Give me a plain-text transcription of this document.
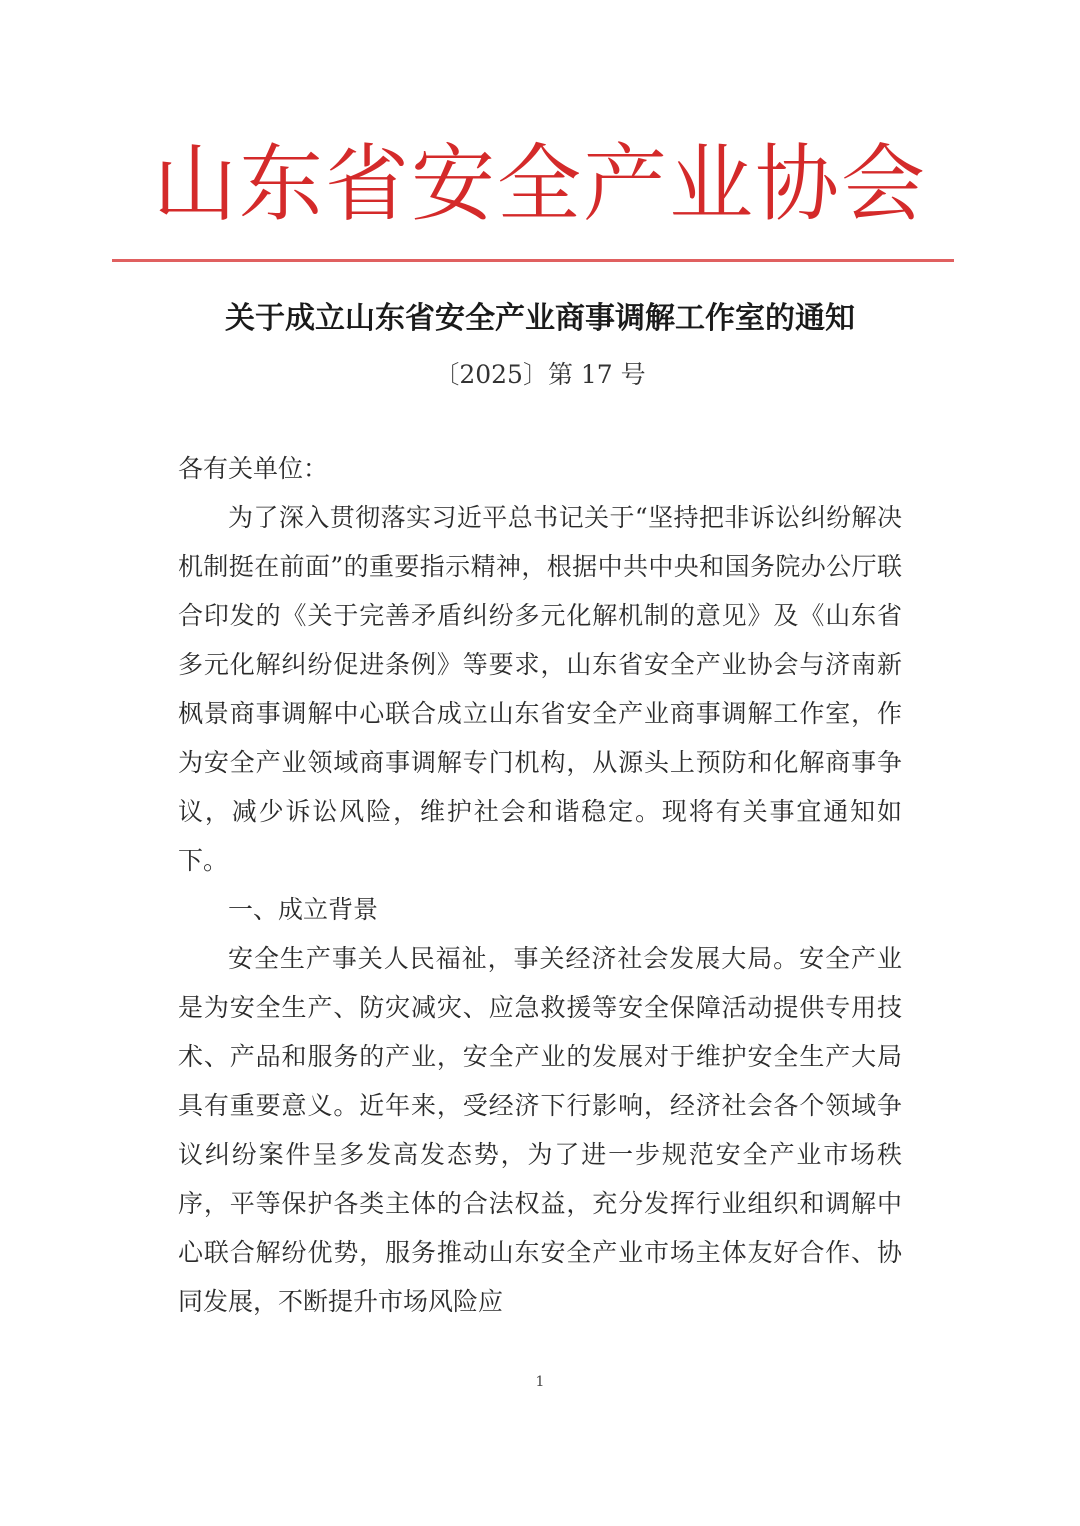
山东省安全产业协会
关于成立山东省安全产业商事调解工作室的通知
〔2025〕第 17 号

各有关单位：

为了深入贯彻落实习近平总书记关于“坚持把非诉讼纠纷解决机制挺在前面”的重要指示精神，根据中共中央和国务院办公厅联合印发的《关于完善矛盾纠纷多元化解机制的意见》及《山东省多元化解纠纷促进条例》等要求，山东省安全产业协会与济南新枫景商事调解中心联合成立山东省安全产业商事调解工作室，作为安全产业领域商事调解专门机构，从源头上预防和化解商事争议，减少诉讼风险，维护社会和谐稳定。现将有关事宜通知如下。

一、成立背景

安全生产事关人民福祉，事关经济社会发展大局。安全产业是为安全生产、防灾减灾、应急救援等安全保障活动提供专用技术、产品和服务的产业，安全产业的发展对于维护安全生产大局具有重要意义。近年来，受经济下行影响，经济社会各个领域争议纠纷案件呈多发高发态势，为了进一步规范安全产业市场秩序，平等保护各类主体的合法权益，充分发挥行业组织和调解中心联合解纷优势，服务推动山东安全产业市场主体友好合作、协同发展，不断提升市场风险应

1
